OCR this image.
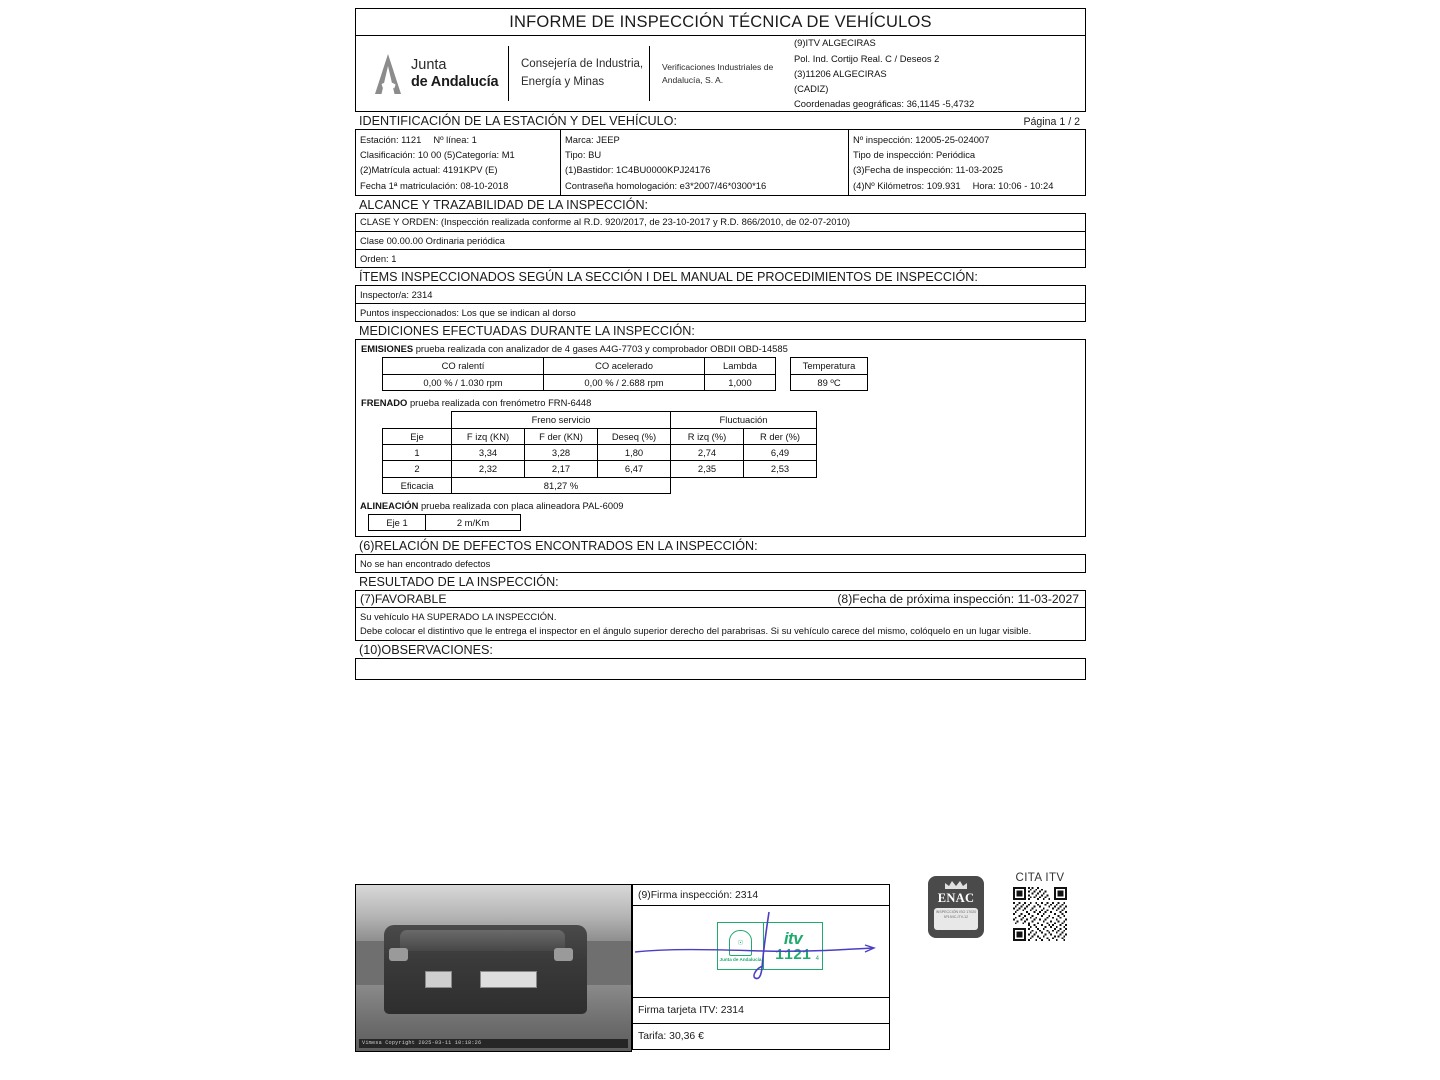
INFORME DE INSPECCIÓN TÉCNICA DE VEHÍCULOS
Junta
de Andalucía
Consejería de Industria,
Energía y Minas
Verificaciones Industriales de
Andalucía, S. A.
(9)ITV ALGECIRAS
Pol. Ind. Cortijo Real. C / Deseos 2
(3)11206 ALGECIRAS
(CADIZ)
Coordenadas geográficas: 36,1145 -5,4732
IDENTIFICACIÓN DE LA ESTACIÓN Y DEL VEHÍCULO:	Página 1 / 2
Estación: 1121 Nº línea: 1
Clasificación: 10 00 (5)Categoría: M1
(2)Matrícula actual: 4191KPV (E)
Fecha 1ª matriculación: 08-10-2018
Marca: JEEP
Tipo: BU
(1)Bastidor: 1C4BU0000KPJ24176
Contraseña homologación: e3*2007/46*0300*16
Nº inspección: 12005-25-024007
Tipo de inspección: Periódica
(3)Fecha de inspección: 11-03-2025
(4)Nº Kilómetros: 109.931 Hora: 10:06 - 10:24
ALCANCE Y TRAZABILIDAD DE LA INSPECCIÓN:
CLASE Y ORDEN: (Inspección realizada conforme al R.D. 920/2017, de 23-10-2017 y R.D. 866/2010, de 02-07-2010)
Clase 00.00.00 Ordinaria periódica
Orden: 1
ÍTEMS INSPECCIONADOS SEGÚN LA SECCIÓN I DEL MANUAL DE PROCEDIMIENTOS DE INSPECCIÓN:
Inspector/a: 2314
Puntos inspeccionados: Los que se indican al dorso
MEDICIONES EFECTUADAS DURANTE LA INSPECCIÓN:
EMISIONES prueba realizada con analizador de 4 gases A4G-7703 y comprobador OBDII OBD-14585
CO ralentí	CO acelerado	Lambda		Temperatura
0,00 % / 1.030 rpm	0,00 % / 2.688 rpm	1,000		89 ºC
FRENADO prueba realizada con frenómetro FRN-6448
	Freno servicio			Fluctuación	
Eje	F izq (KN)	F der (KN)	Deseq (%)	R izq (%)	R der (%)
1	3,34	3,28	1,80	2,74	6,49
2	2,32	2,17	6,47	2,35	2,53
Eficacia	81,27 %				
ALINEACIÓN prueba realizada con placa alineadora PAL-6009
Eje 1	2 m/Km
(6)RELACIÓN DE DEFECTOS ENCONTRADOS EN LA INSPECCIÓN:
No se han encontrado defectos
RESULTADO DE LA INSPECCIÓN:
(7)FAVORABLE	(8)Fecha de próxima inspección: 11-03-2027
Su vehículo HA SUPERADO LA INSPECCIÓN.
Debe colocar el distintivo que le entrega el inspector en el ángulo superior derecho del parabrisas. Si su vehículo carece del mismo, colóquelo en un lugar visible.
(10)OBSERVACIONES:
Vimesa Copyright 2025-03-11 10:18:26
(9)Firma inspección: 2314
☉
Junta de Andalucía
itv
1121 4
Firma tarjeta ITV: 2314
Tarifa: 30,36 €
ENAC
INSPECCIÓN ISO 17020 Nº19/IC-ITV-12
CITA ITV
